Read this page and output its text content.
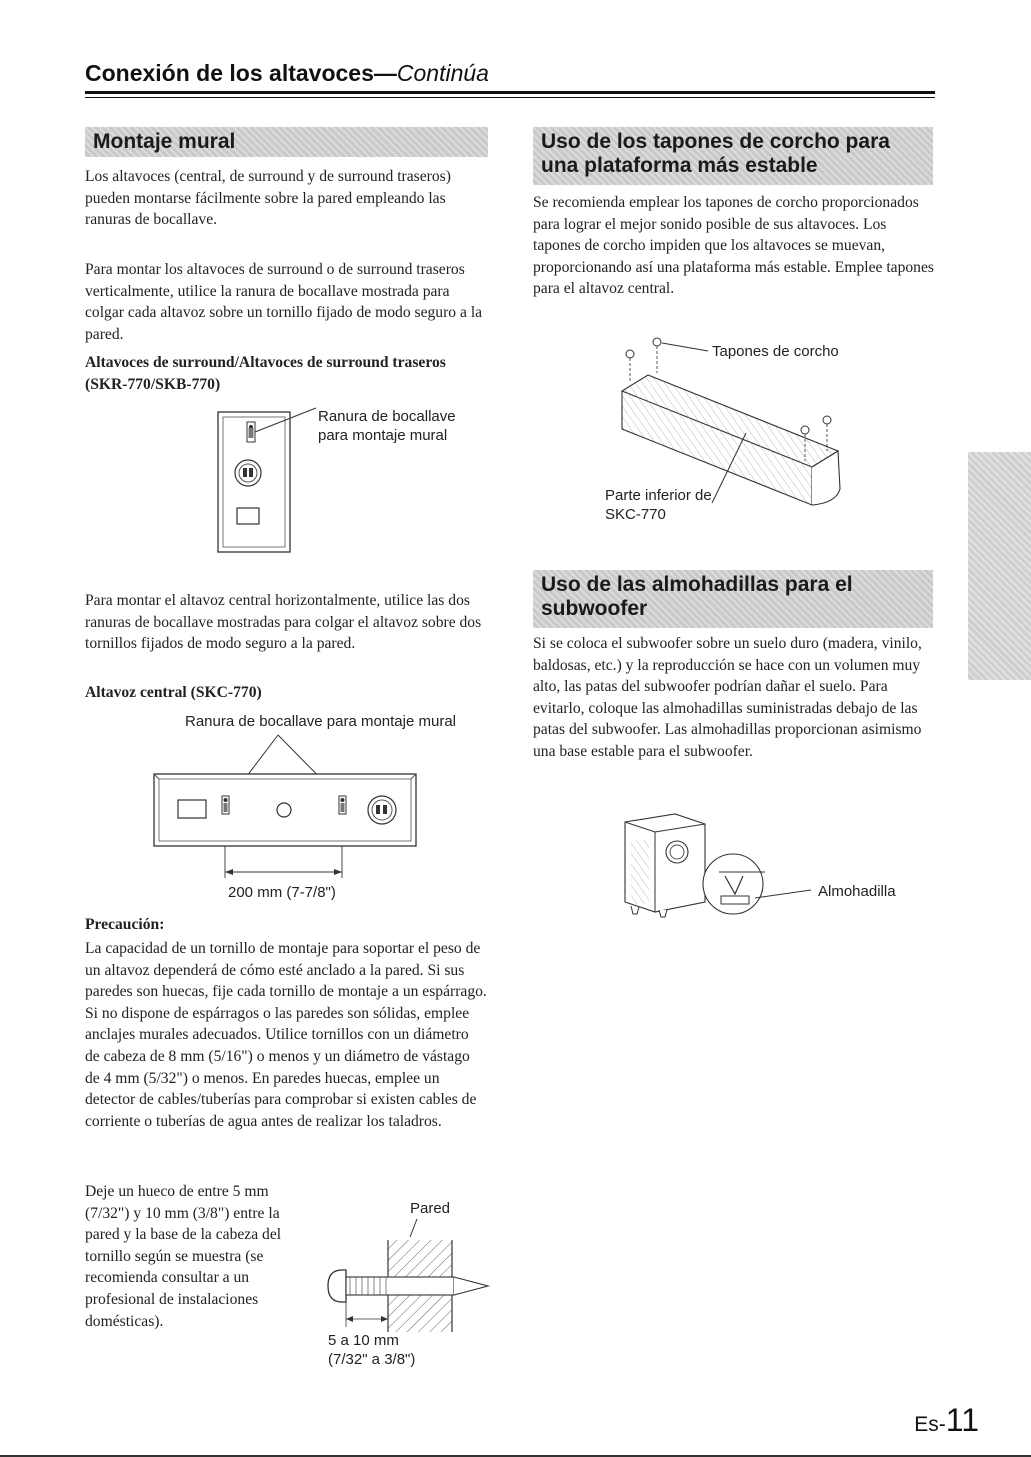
Conexión de los altavoces—Continúa
Montaje mural

Los altavoces (central, de surround y de surround traseros) pueden montarse fácilmente sobre la pared empleando las ranuras de bocallave.

Para montar los altavoces de surround o de surround traseros verticalmente, utilice la ranura de bocallave mostrada para colgar cada altavoz sobre un tornillo fijado de modo seguro a la pared.

Altavoces de surround/Altavoces de surround traseros (SKR-770/SKB-770)

Ranura de bocallave
para montaje mural

Para montar el altavoz central horizontalmente, utilice las dos ranuras de bocallave mostradas para colgar el altavoz sobre dos tornillos fijados de modo seguro a la pared.

Altavoz central (SKC-770)

Ranura de bocallave para montaje mural
200 mm (7-7/8")

Precaución:

La capacidad de un tornillo de montaje para soportar el peso de un altavoz dependerá de cómo esté anclado a la pared. Si sus paredes son huecas, fije cada tornillo de montaje a un espárrago. Si no dispone de espárragos o las paredes son sólidas, emplee anclajes murales adecuados. Utilice tornillos con un diámetro de cabeza de 8 mm (5/16") o menos y un diámetro de vástago de 4 mm (5/32") o menos. En paredes huecas, emplee un detector de cables/tuberías para comprobar si existen cables de corriente o tuberías de agua antes de realizar los taladros.

Deje un hueco de entre 5 mm (7/32") y 10 mm (3/8") entre la pared y la base de la cabeza del tornillo según se muestra (se recomienda consultar a un profesional de instalaciones domésticas).

Pared
5 a 10 mm
(7/32" a 3/8")
Uso de los tapones de corcho para
una plataforma más estable

Se recomienda emplear los tapones de corcho proporcionados para lograr el mejor sonido posible de sus altavoces. Los tapones de corcho impiden que los altavoces se muevan, proporcionando así una plataforma más estable. Emplee tapones para el altavoz central.

Tapones de corcho
Parte inferior de
SKC-770
Uso de las almohadillas para el
subwoofer

Si se coloca el subwoofer sobre un suelo duro (madera, vinilo, baldosas, etc.) y la reproducción se hace con un volumen muy alto, las patas del subwoofer podrían dañar el suelo. Para evitarlo, coloque las almohadillas suministradas debajo de las patas del subwoofer. Las almohadillas proporcionan asimismo una base estable para el subwoofer.

Almohadilla
Es-11
